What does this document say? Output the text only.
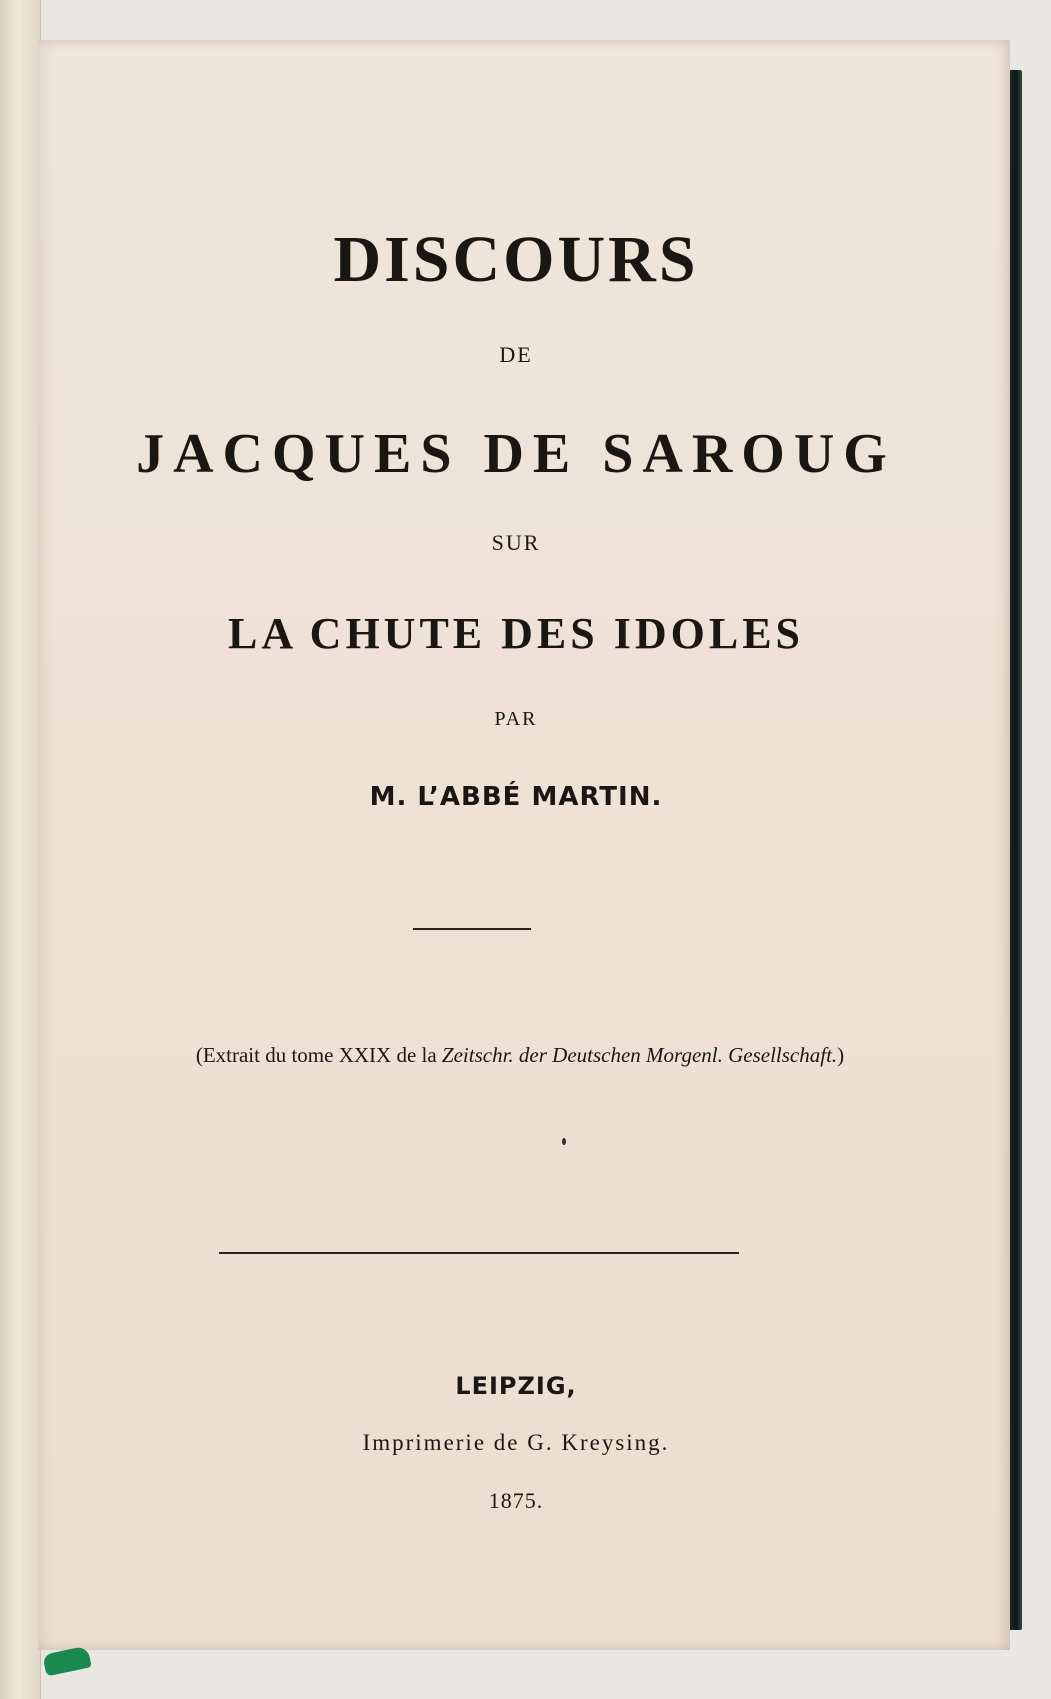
DISCOURS
DE
JACQUES DE SAROUG
SUR
LA CHUTE DES IDOLES
PAR
M. L’ABBÉ MARTIN.
(Extrait du tome XXIX de la Zeitschr. der Deutschen Morgenl. Gesellschaft.)
LEIPZIG,
Imprimerie de G. Kreysing.
1875.
